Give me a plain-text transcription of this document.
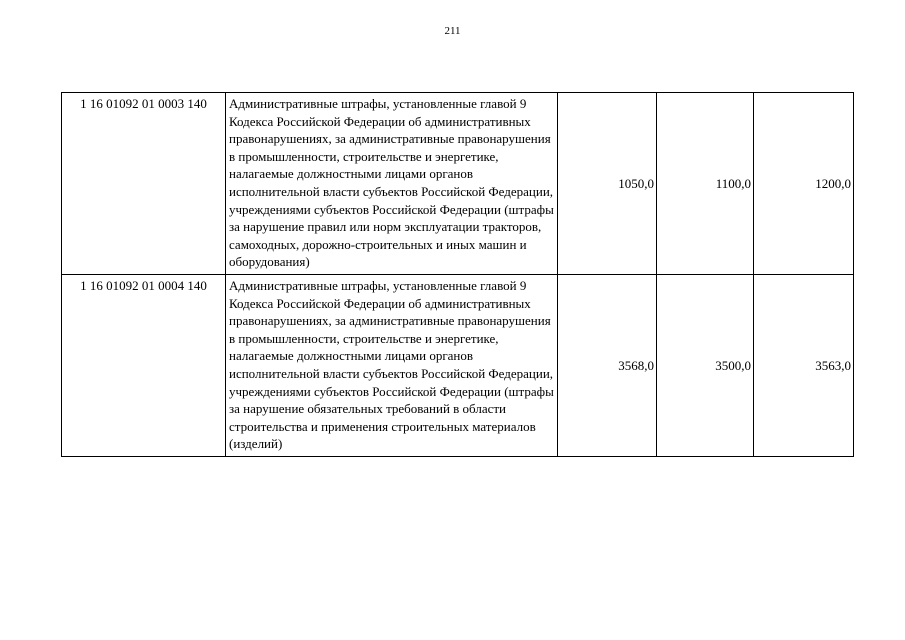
211
1 16 01092 01 0003 140	Административные штрафы, установленные главой 9 Кодекса Российской Федерации об административных правонарушениях, за административные правонарушения в промышленности, строительстве и энергетике, налагаемые должностными лицами органов исполнительной власти субъектов Российской Федерации, учреждениями субъектов Российской Федерации (штрафы за нарушение правил или норм эксплуатации тракторов, самоходных, дорожно-строительных и иных машин и оборудования)	1050,0	1100,0	1200,0
1 16 01092 01 0004 140	Административные штрафы, установленные главой 9 Кодекса Российской Федерации об административных правонарушениях, за административные правонарушения в промышленности, строительстве и энергетике, налагаемые должностными лицами органов исполнительной власти субъектов Российской Федерации, учреждениями субъектов Российской Федерации (штрафы за нарушение обязательных требований в области строительства и применения строительных материалов (изделий)	3568,0	3500,0	3563,0
